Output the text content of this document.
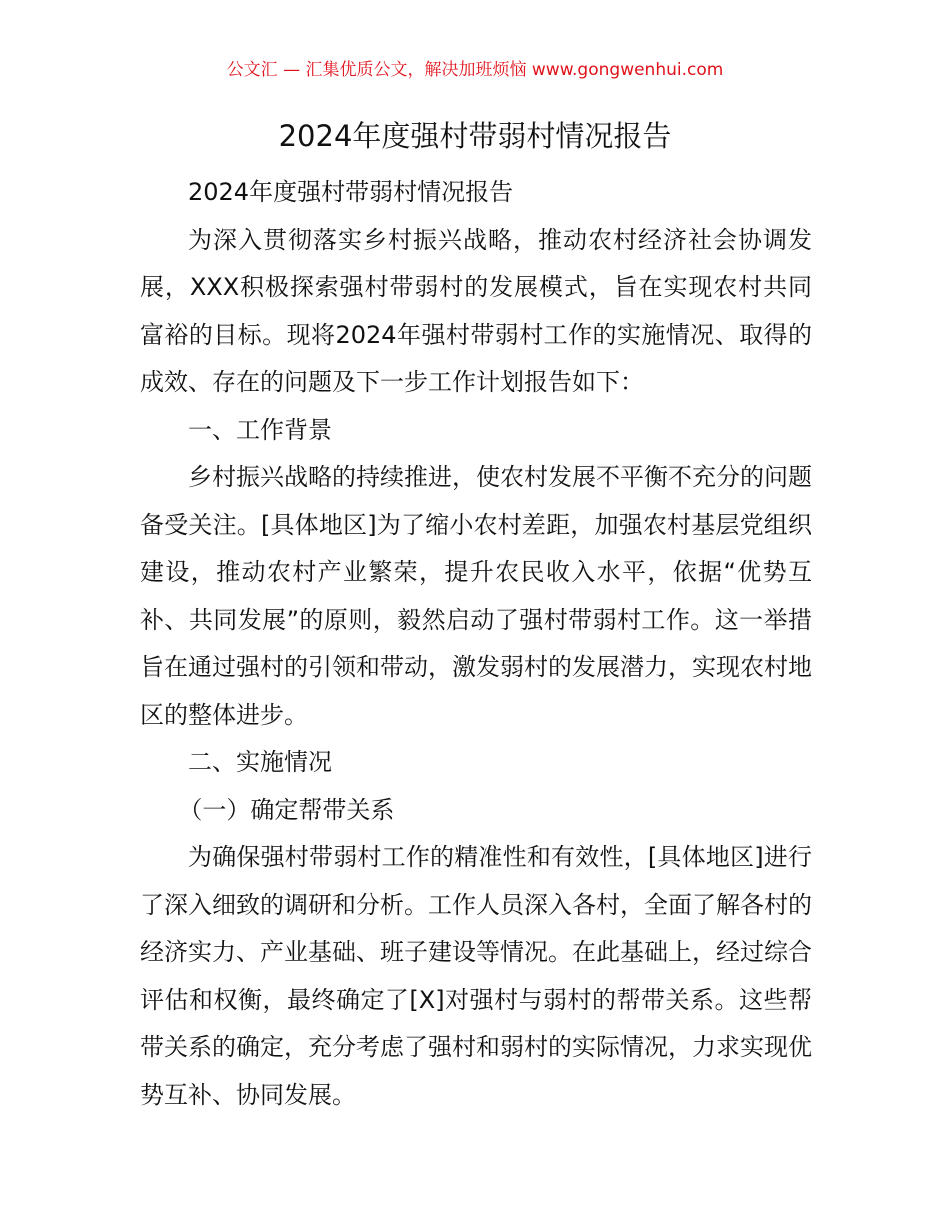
公文汇 — 汇集优质公文，解决加班烦恼 www.gongwenhui.com
2024年度强村带弱村情况报告

2024年度强村带弱村情况报告

为深入贯彻落实乡村振兴战略，推动农村经济社会协调发展，XXX积极探索强村带弱村的发展模式，旨在实现农村共同富裕的目标。现将2024年强村带弱村工作的实施情况、取得的成效、存在的问题及下一步工作计划报告如下：

一、工作背景

乡村振兴战略的持续推进，使农村发展不平衡不充分的问题备受关注。[具体地区]为了缩小农村差距，加强农村基层党组织建设，推动农村产业繁荣，提升农民收入水平，依据“优势互补、共同发展”的原则，毅然启动了强村带弱村工作。这一举措旨在通过强村的引领和带动，激发弱村的发展潜力，实现农村地区的整体进步。

二、实施情况

（一）确定帮带关系

为确保强村带弱村工作的精准性和有效性，[具体地区]进行了深入细致的调研和分析。工作人员深入各村，全面了解各村的经济实力、产业基础、班子建设等情况。在此基础上，经过综合评估和权衡，最终确定了[X]对强村与弱村的帮带关系。这些帮带关系的确定，充分考虑了强村和弱村的实际情况，力求实现优势互补、协同发展。
